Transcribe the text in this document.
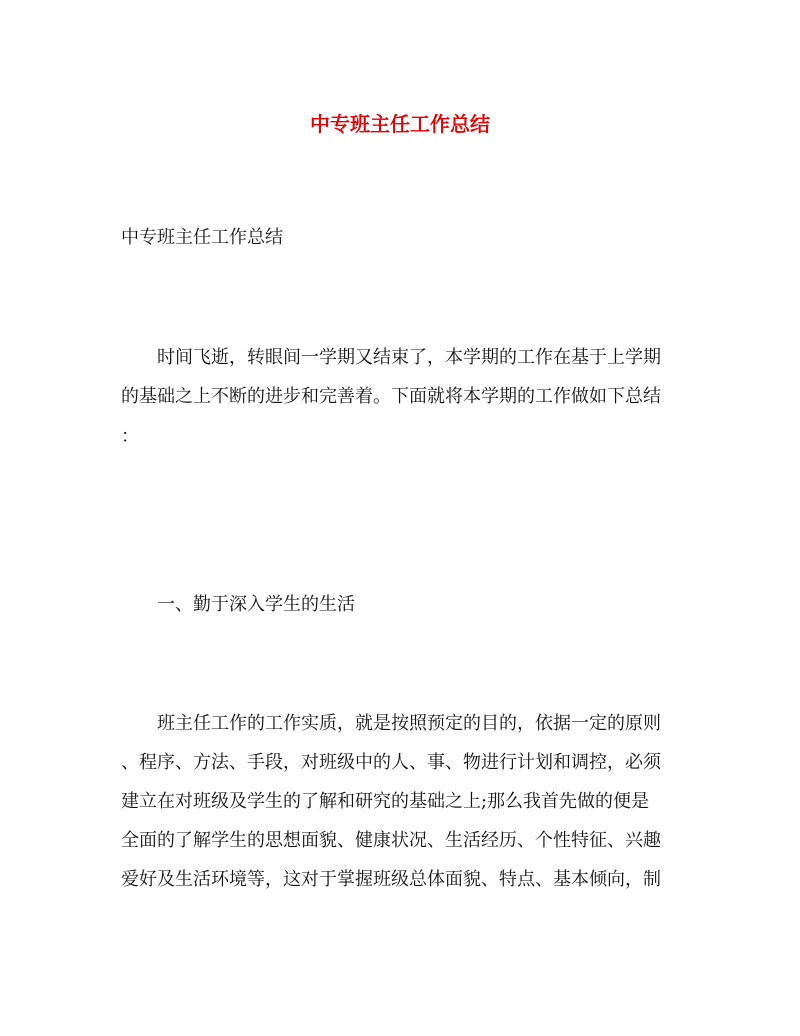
中专班主任工作总结
中专班主任工作总结
时间飞逝，转眼间一学期又结束了，本学期的工作在基于上学期
的基础之上不断的进步和完善着。下面就将本学期的工作做如下总结
：
一、勤于深入学生的生活
班主任工作的工作实质，就是按照预定的目的，依据一定的原则
、程序、方法、手段，对班级中的人、事、物进行计划和调控，必须
建立在对班级及学生的了解和研究的基础之上;那么我首先做的便是
全面的了解学生的思想面貌、健康状况、生活经历、个性特征、兴趣
爱好及生活环境等，这对于掌握班级总体面貌、特点、基本倾向，制
